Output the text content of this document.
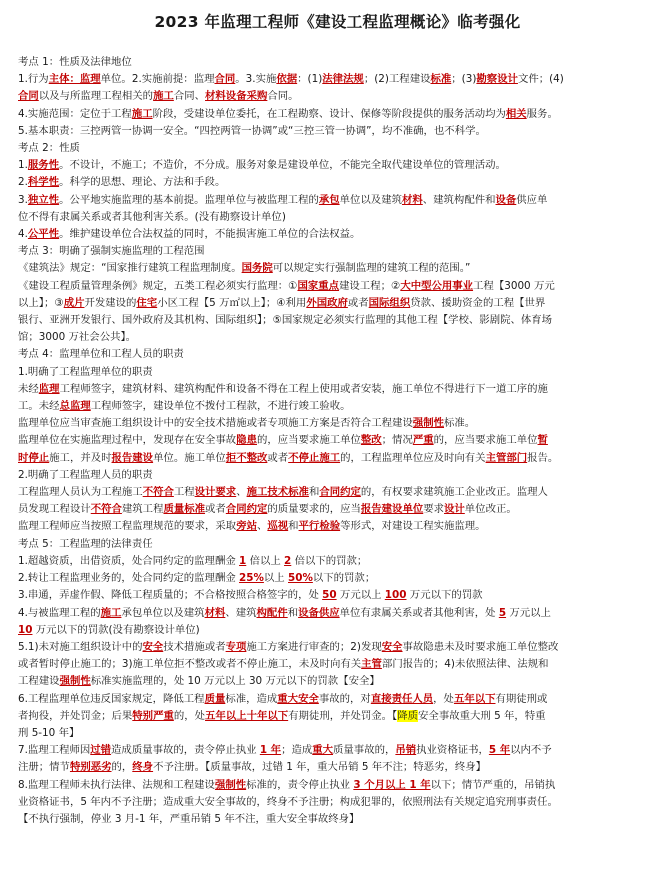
2023 年监理工程师《建设工程监理概论》临考强化
考点 1：性质及法律地位
1.行为主体：监理单位。2.实施前提：监理合同。3.实施依据：(1)法律法规；(2)工程建设标准；(3)勘察设计文件；(4)
合同以及与所监理工程相关的施工合同、材料设备采购合同。
4.实施范围：定位于工程施工阶段，受建设单位委托，在工程勘察、设计、保修等阶段提供的服务活动均为相关服务。
5.基本职责：三控两管一协调一安全。“四控两管一协调”或“三控三管一协调”，均不准确，也不科学。
考点 2：性质
1.服务性。不设计，不施工；不造价，不分成。服务对象是建设单位，不能完全取代建设单位的管理活动。
2.科学性。科学的思想、理论、方法和手段。
3.独立性。公平地实施监理的基本前提。监理单位与被监理工程的承包单位以及建筑材料、建筑构配件和设备供应单
位不得有隶属关系或者其他利害关系。(没有勘察设计单位)
4.公平性。维护建设单位合法权益的同时，不能损害施工单位的合法权益。
考点 3：明确了强制实施监理的工程范围
《建筑法》规定：“国家推行建筑工程监理制度。国务院可以规定实行强制监理的建筑工程的范围。”
《建设工程质量管理条例》规定，五类工程必须实行监理：①国家重点建设工程；②大中型公用事业工程【3000 万元
以上】；③成片开发建设的住宅小区工程【5 万㎡以上】；④利用外国政府或者国际组织贷款、援助资金的工程【世界
银行、亚洲开发银行、国外政府及其机构、国际组织】；⑤国家规定必须实行监理的其他工程【学校、影剧院、体育场
馆；3000 万社会公共】。
考点 4：监理单位和工程人员的职责
1.明确了工程监理单位的职责
未经监理工程师签字，建筑材料、建筑构配件和设备不得在工程上使用或者安装，施工单位不得进行下一道工序的施
工。未经总监理工程师签字，建设单位不拨付工程款，不进行竣工验收。
监理单位应当审查施工组织设计中的安全技术措施或者专项施工方案是否符合工程建设强制性标准。
监理单位在实施监理过程中，发现存在安全事故隐患的，应当要求施工单位整改；情况严重的，应当要求施工单位暂
时停止施工，并及时报告建设单位。施工单位拒不整改或者不停止施工的，工程监理单位应及时向有关主管部门报告。
2.明确了工程监理人员的职责
工程监理人员认为工程施工不符合工程设计要求、施工技术标准和合同约定的，有权要求建筑施工企业改正。监理人
员发现工程设计不符合建筑工程质量标准或者合同约定的质量要求的，应当报告建设单位要求设计单位改正。
监理工程师应当按照工程监理规范的要求，采取旁站、巡视和平行检验等形式，对建设工程实施监理。
考点 5：工程监理的法律责任
1.超越资质，出借资质，处合同约定的监理酬金 1 倍以上 2 倍以下的罚款；
2.转让工程监理业务的，处合同约定的监理酬金 25%以上 50%以下的罚款；
3.串通，弄虚作假、降低工程质量的；不合格按照合格签字的，处 50 万元以上 100 万元以下的罚款
4.与被监理工程的施工承包单位以及建筑材料、建筑构配件和设备供应单位有隶属关系或者其他利害，处 5 万元以上
10 万元以下的罚款(没有勘察设计单位)
5.1)未对施工组织设计中的安全技术措施或者专项施工方案进行审查的；2)发现安全事故隐患未及时要求施工单位整改
或者暂时停止施工的；3)施工单位拒不整改或者不停止施工，未及时向有关主管部门报告的；4)未依照法律、法规和
工程建设强制性标准实施监理的，处 10 万元以上 30 万元以下的罚款【安全】
6.工程监理单位违反国家规定，降低工程质量标准，造成重大安全事故的，对直接责任人员，处五年以下有期徒刑或
者拘役，并处罚金；后果特别严重的，处五年以上十年以下有期徒刑，并处罚金。【降质安全事故重大刑 5 年，特重
刑 5-10 年】
7.监理工程师因过错造成质量事故的，责令停止执业 1 年；造成重大质量事故的，吊销执业资格证书，5 年以内不予
注册；情节特别恶劣的，终身不予注册。【质量事故，过错 1 年，重大吊销 5 年不注；特恶劣，终身】
8.监理工程师未执行法律、法规和工程建设强制性标准的，责令停止执业 3 个月以上 1 年以下；情节严重的，吊销执
业资格证书，5 年内不予注册；造成重大安全事故的，终身不予注册；构成犯罪的，依照刑法有关规定追究刑事责任。
【不执行强制，停业 3 月-1 年，严重吊销 5 年不注，重大安全事故终身】
